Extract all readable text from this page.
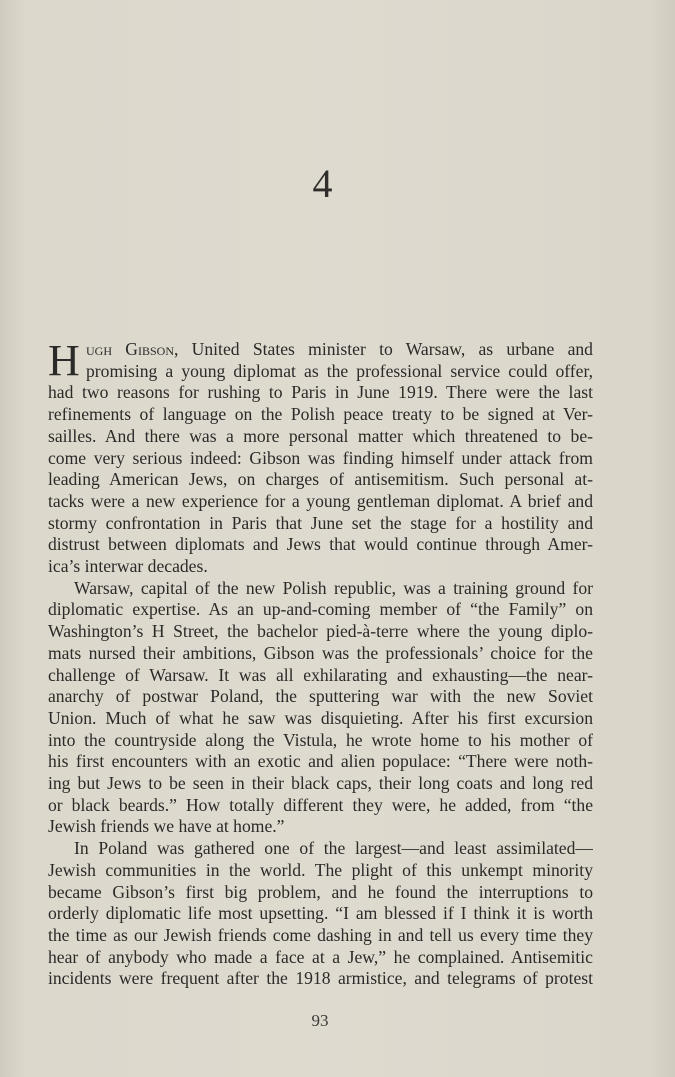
4
H ugh Gibson, United States minister to Warsaw, as urbane and
promising a young diplomat as the professional service could offer,
had two reasons for rushing to Paris in June 1919. There were the last
refinements of language on the Polish peace treaty to be signed at Ver-
sailles. And there was a more personal matter which threatened to be-
come very serious indeed: Gibson was finding himself under attack from
leading American Jews, on charges of antisemitism. Such personal at-
tacks were a new experience for a young gentleman diplomat. A brief and
stormy confrontation in Paris that June set the stage for a hostility and
distrust between diplomats and Jews that would continue through Amer-
ica’s interwar decades.
Warsaw, capital of the new Polish republic, was a training ground for
diplomatic expertise. As an up-and-coming member of “the Family” on
Washington’s H Street, the bachelor pied-à-terre where the young diplo-
mats nursed their ambitions, Gibson was the professionals’ choice for the
challenge of Warsaw. It was all exhilarating and exhausting—the near-
anarchy of postwar Poland, the sputtering war with the new Soviet
Union. Much of what he saw was disquieting. After his first excursion
into the countryside along the Vistula, he wrote home to his mother of
his first encounters with an exotic and alien populace: “There were noth-
ing but Jews to be seen in their black caps, their long coats and long red
or black beards.” How totally different they were, he added, from “the
Jewish friends we have at home.”
In Poland was gathered one of the largest—and least assimilated—
Jewish communities in the world. The plight of this unkempt minority
became Gibson’s first big problem, and he found the interruptions to
orderly diplomatic life most upsetting. “I am blessed if I think it is worth
the time as our Jewish friends come dashing in and tell us every time they
hear of anybody who made a face at a Jew,” he complained. Antisemitic
incidents were frequent after the 1918 armistice, and telegrams of protest
93
